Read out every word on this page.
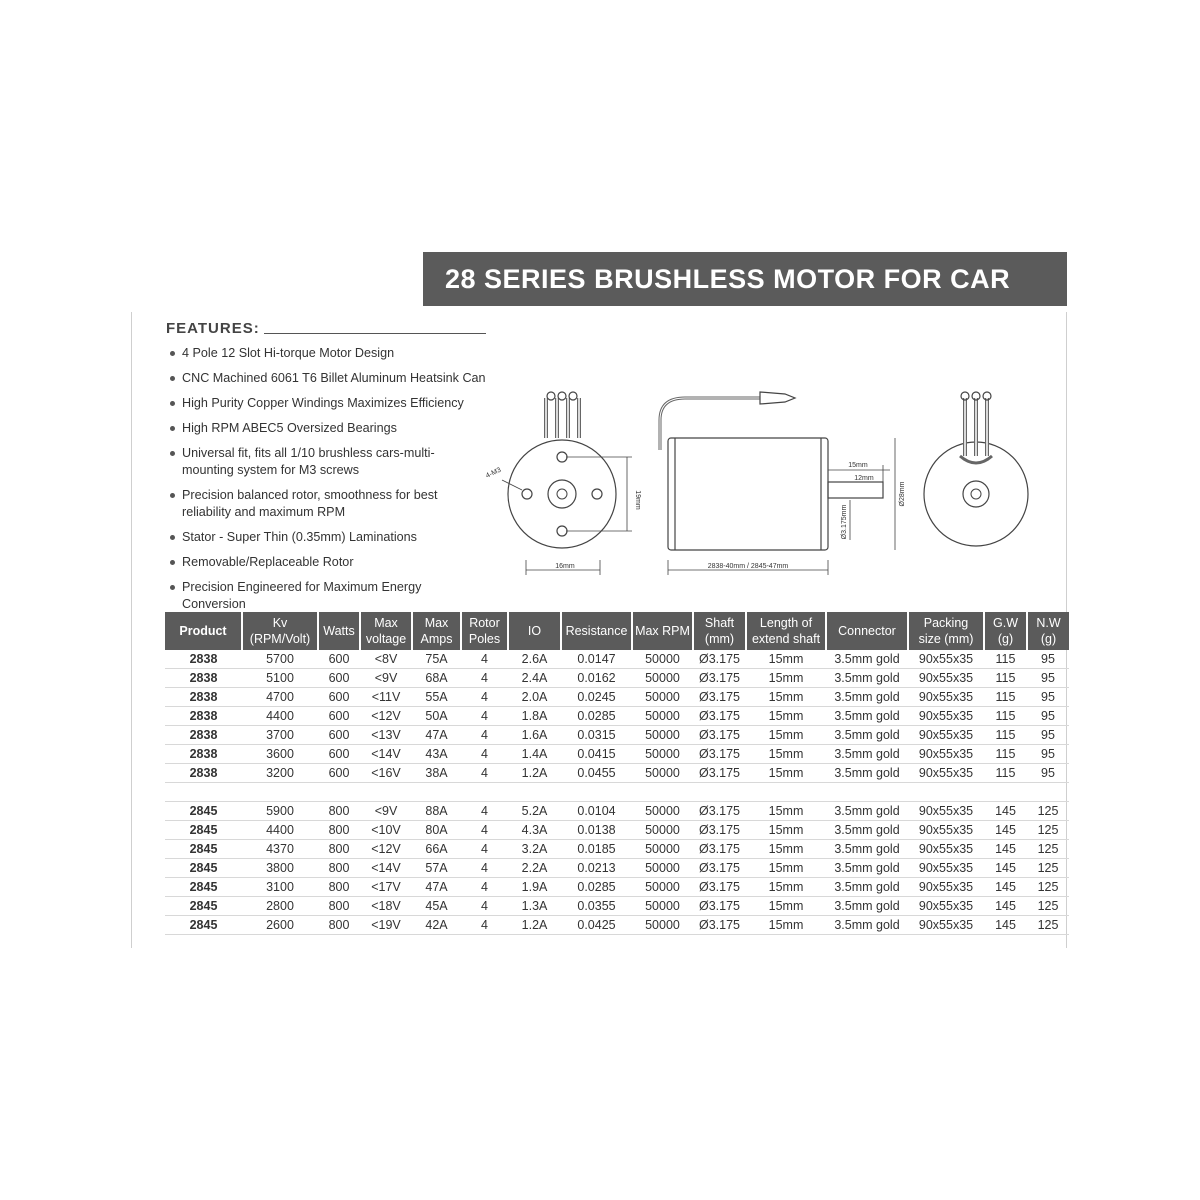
28 SERIES BRUSHLESS MOTOR FOR CAR
FEATURES:
4 Pole 12 Slot Hi-torque Motor Design
CNC Machined 6061 T6 Billet Aluminum Heatsink Can
High Purity Copper Windings Maximizes Efficiency
High RPM ABEC5 Oversized Bearings
Universal fit, fits all 1/10 brushless cars-multi-mounting system for M3 screws
Precision balanced rotor, smoothness for best reliability and maximum RPM
Stator - Super Thin (0.35mm) Laminations
Removable/Replaceable Rotor
Precision Engineered for Maximum Energy Conversion
4-M3
19mm
16mm
15mm
12mm
Ø3.175mm
Ø28mm
2838-40mm / 2845-47mm
Product	Kv (RPM/Volt)	Watts	Max voltage	Max Amps	Rotor Poles	IO	Resistance	Max RPM	Shaft (mm)	Length of extend shaft	Connector	Packing size (mm)	G.W (g)	N.W (g)
2838	5700	600	<8V	75A	4	2.6A	0.0147	50000	Ø3.175	15mm	3.5mm gold	90x55x35	115	95
2838	5100	600	<9V	68A	4	2.4A	0.0162	50000	Ø3.175	15mm	3.5mm gold	90x55x35	115	95
2838	4700	600	<11V	55A	4	2.0A	0.0245	50000	Ø3.175	15mm	3.5mm gold	90x55x35	115	95
2838	4400	600	<12V	50A	4	1.8A	0.0285	50000	Ø3.175	15mm	3.5mm gold	90x55x35	115	95
2838	3700	600	<13V	47A	4	1.6A	0.0315	50000	Ø3.175	15mm	3.5mm gold	90x55x35	115	95
2838	3600	600	<14V	43A	4	1.4A	0.0415	50000	Ø3.175	15mm	3.5mm gold	90x55x35	115	95
2838	3200	600	<16V	38A	4	1.2A	0.0455	50000	Ø3.175	15mm	3.5mm gold	90x55x35	115	95

2845	5900	800	<9V	88A	4	5.2A	0.0104	50000	Ø3.175	15mm	3.5mm gold	90x55x35	145	125
2845	4400	800	<10V	80A	4	4.3A	0.0138	50000	Ø3.175	15mm	3.5mm gold	90x55x35	145	125
2845	4370	800	<12V	66A	4	3.2A	0.0185	50000	Ø3.175	15mm	3.5mm gold	90x55x35	145	125
2845	3800	800	<14V	57A	4	2.2A	0.0213	50000	Ø3.175	15mm	3.5mm gold	90x55x35	145	125
2845	3100	800	<17V	47A	4	1.9A	0.0285	50000	Ø3.175	15mm	3.5mm gold	90x55x35	145	125
2845	2800	800	<18V	45A	4	1.3A	0.0355	50000	Ø3.175	15mm	3.5mm gold	90x55x35	145	125
2845	2600	800	<19V	42A	4	1.2A	0.0425	50000	Ø3.175	15mm	3.5mm gold	90x55x35	145	125
